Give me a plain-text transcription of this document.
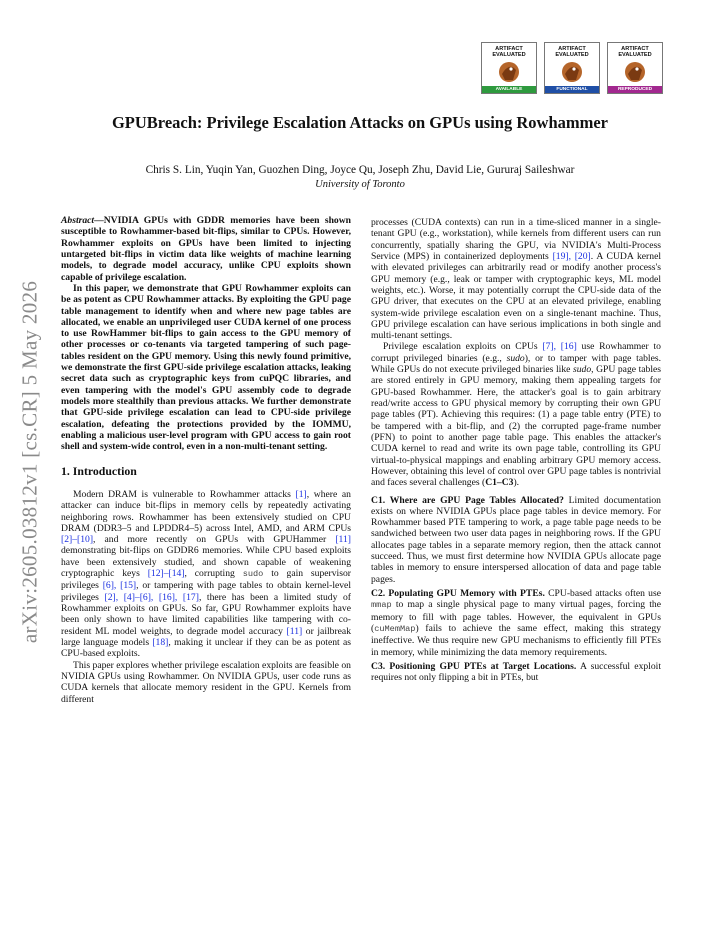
ARTIFACT
EVALUATED
AVAILABLE
ARTIFACT
EVALUATED
FUNCTIONAL
ARTIFACT
EVALUATED
REPRODUCED
arXiv:2605.03812v1 [cs.CR] 5 May 2026
GPUBreach: Privilege Escalation Attacks on GPUs using Rowhammer

Chris S. Lin, Yuqin Yan, Guozhen Ding, Joyce Qu, Joseph Zhu, David Lie, Gururaj Saileshwar

University of Toronto

Abstract—NVIDIA GPUs with GDDR memories have been shown susceptible to Rowhammer-based bit-flips, similar to CPUs. However, Rowhammer exploits on GPUs have been limited to injecting untargeted bit-flips in victim data like weights of machine learning models, to degrade model accuracy, unlike CPU exploits shown capable of privilege escalation.

In this paper, we demonstrate that GPU Rowhammer exploits can be as potent as CPU Rowhammer attacks. By exploiting the GPU page table management to identify when and where new page tables are allocated, we enable an unprivileged user CUDA kernel of one process to use RowHammer bit-flips to gain access to the GPU memory of other processes or co-tenants via targeted tampering of such page-tables resident on the GPU memory. Using this newly found primitive, we demonstrate the first GPU-side privilege escalation attacks, leaking secret data such as cryptographic keys from cuPQC libraries, and even tampering with the model's GPU assembly code to degrade models more stealthily than previous attacks. We further demonstrate that GPU-side privilege escalation can lead to CPU-side privilege escalation, defeating the protections provided by the IOMMU, enabling a malicious user-level program with GPU access to gain root shell and system-wide control, even in a non-multi-tenant setting.

1. Introduction

Modern DRAM is vulnerable to Rowhammer attacks [1], where an attacker can induce bit-flips in memory cells by repeatedly activating neighboring rows. Rowhammer has been extensively studied on CPU DRAM (DDR3–5 and LPDDR4–5) across Intel, AMD, and ARM CPUs [2]–[10], and more recently on GPUs with GPUHammer [11] demonstrating bit-flips on GDDR6 memories. While CPU based exploits have been extensively studied, and shown capable of weakening cryptographic keys [12]–[14], corrupting sudo to gain supervisor privileges [6], [15], or tampering with page tables to obtain kernel-level privileges [2], [4]–[6], [16], [17], there has been a limited study of Rowhammer exploits on GPUs. So far, GPU Rowhammer exploits have been only shown to have limited capabilities like tampering with co-resident ML model weights, to degrade model accuracy [11] or jailbreak large language models [18], making it unclear if they can be as potent as CPU-based exploits.

This paper explores whether privilege escalation exploits are feasible on NVIDIA GPUs using Rowhammer. On NVIDIA GPUs, user code runs as CUDA kernels that allocate memory resident in the GPU. Kernels from different

processes (CUDA contexts) can run in a time-sliced manner in a single-tenant GPU (e.g., workstation), while kernels from different users can run concurrently, spatially sharing the GPU, via NVIDIA's Multi-Process Service (MPS) in containerized deployments [19], [20]. A CUDA kernel with elevated privileges can arbitrarily read or modify another process's GPU memory (e.g., leak or tamper with cryptographic keys, ML model weights, etc.). Worse, it may potentially corrupt the CPU-side data of the GPU driver, that executes on the CPU at an elevated privilege, enabling system-wide privilege escalation even on a single-tenant machine. Thus, GPU privilege escalation can have serious implications in both single and multi-tenant settings.

Privilege escalation exploits on CPUs [7], [16] use Rowhammer to corrupt privileged binaries (e.g., sudo), or to tamper with page tables. While GPUs do not execute privileged binaries like sudo, GPU page tables are stored entirely in GPU memory, making them appealing targets for GPU-based Rowhammer. Here, the attacker's goal is to gain arbitrary read/write access to GPU physical memory by corrupting their own GPU page tables (PT). Achieving this requires: (1) a page table entry (PTE) to be tampered with a bit-flip, and (2) the corrupted page-frame number (PFN) to point to another page table page. This enables the attacker's CUDA kernel to read and write its own page table, controlling its GPU virtual-to-physical mappings and enabling arbitrary GPU memory access. However, obtaining this level of control over GPU page tables is nontrivial and faces several challenges (C1–C3).

C1. Where are GPU Page Tables Allocated? Limited documentation exists on where NVIDIA GPUs place page tables in device memory. For Rowhammer based PTE tampering to work, a page table page needs to be sandwiched between two user data pages in neighboring rows. If the GPU allocates page tables in a separate memory region, then the attack cannot succeed. Thus, we must first determine how NVIDIA GPUs allocate page tables in memory to ensure interspersed allocation of data and page table pages.

C2. Populating GPU Memory with PTEs. CPU-based attacks often use mmap to map a single physical page to many virtual pages, forcing the memory to fill with page tables. However, the equivalent in GPUs (cuMemMap) fails to achieve the same effect, making this strategy ineffective. We thus require new GPU mechanisms to efficiently fill PTEs in memory, while minimizing the data memory requirements.

C3. Positioning GPU PTEs at Target Locations. A successful exploit requires not only flipping a bit in PTEs, but
